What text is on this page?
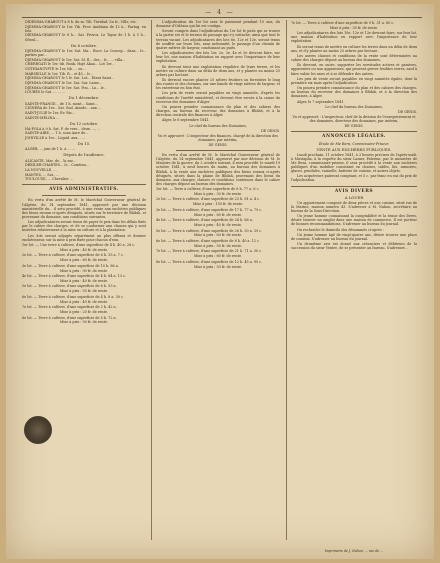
— 4 —

DIDEMMA-GHABOUT à 8 h. du m. Tib. Tiwidad, Sa Ir., Ville, etc.

DJEMMA-GHABOUT le 1er. Tib. Prov. Ambtana de 12 à... Partag. en lots.

DIEMMA-GHABOUT le 8 h... Sat. Provoz. Le Tayor de 1 h. à 5 h... Sfroul...

Du 6 octobre.

DJEMMA-GHABOUT le 1er, Sat. Ma... Ruce. La Concep... dans... Ir... parties par...

DJEMMA-GHABOUT le 1er, Sat. M. fl... des... Ir... ... villa...

CHERRGATI le 1er, tib. Rouk. Hajé Akaa... Lot 1er...

GOTHIANGYPTE le 1er, tib. ... ou...

MARSEILLE le 1er. Tib. R... et 45... Ir...

DJEMMA-GHABOUT le 1 fr. Sat. Lot... Etant Saint...

DJEMMA-GHABOUT le 1er. Sat. Sur. Laine...

DJEMMA-GHABOUT le 1er. Sat. Pou... Lu... Ir...

LOUBÈS le Sat. ... ... ...

Du 1 décembre.

SAINTE-FRANGE... de 1 h. mont... Saint...

CIGNERA de 1er... Sat. Sud. Aizade... aux ...

SAINT-JULIE le 1er. Ev. Ris...

SAINTE-MÉLINA ...

Du 12 octobre.

HA-POLA à 9 h. Sat. P. de vers... deux. ..., ...

SAINTE-AIRE, ... 1 h. sous Aure de...

JOINVILLE à 1er... Liquid. aux... ...

Du 15.

ALGER, ... juin de 1 h. à ... ...

Dépots de l'audience.

ALICANTE, Mar. de... la sur...

DREILER-CHARTES... Ir... Comtinu...

LA NOUVELLE, ...

MANTES, ... Sat., ...

TOULOUSE, ... Chevalier ...

AVIS ADMINISTRATIFS.

En vertu d'un arrêté de M. le Maréchal Gouverneur général de l'Algérie, du 14 septembre 1841, approuvé par une décision ministérielle du... il sera procédé, à une vente aux enchères publiques des biens ruraux ci-après désignés, situés sur le territoire de Blidah, et provenant du domaine, aux conditions suivantes.

Les adjudicataires seront tenus de payer le prix dans les délais fixés par le cahier des charges, et de se conformer aux clauses qui y sont insérées relativement à la mise en culture et à la plantation.

Les lots seront adjugés séparément au plus offrant et dernier enchérisseur, sur la mise à prix fixée pour chacun d'eux.

1er lot. — Une terre à cultiver, d'une superficie de 4 h. 40 a. 28 c.

Mise à prix : 40 fr. de rente.

2e lot. — Terre à cultiver, d'une superficie de 6 h. 35 a. 7 c.

Mise à prix : 60 fr. de rente.

3e lot. — Terre à cultiver, d'une superficie de 10 h. 86 a.

Mise à prix : 90 fr. de rente.

4e lot. — Terre à cultiver, d'une superficie de 4 h. 84 a. 13 c.

Mise à prix : 40 fr. de rente.

5e lot. — Terre à cultiver, d'une superficie de 6 h. 53 a.

Mise à prix : 55 fr. de rente.

6e lot. — Terre à cultiver, d'une superficie de 4 h. 8 a. 30 c.

Mise à prix : 40 fr. de rente.

7e lot. — Terre à cultiver, d'une superficie de 2 h. 42 a.

Mise à prix : 20 fr. de rente.

8e lot. — Terre à cultiver, d'une superficie de 5 h. 72 a.

Mise à prix : 50 fr. de rente.

L'adjudication du 1er lot sera le paiement pendant 10 ans, du domaine d'Orléans qui lui est contigu.

Seront compris dans l'adjudication du 1er lot le puits qui se trouve à la partie est et le terrain de passage qui s'y rattache, ainsi que tout le terrain vacant. Les adjudicataires des lots 8e, 12e et 13e, seront tenus de souffrir sur leurs lots, sans indemnité, le passage d'un chemin de quatre mètres de largeur, conduisant au puits.

Les adjudicataires des lots 1er, 2e, 3e, 4e et 5e devront faire, sur leur lot, une maison d'habitation en rapport avec l'importance de leur exploitation.

Ils devront tenir une exploitation régulière de leurs terres, et les mettre en culture dans un délai de deux ans, et y planter au moins 25 arbres par hectare.

Ils devront encore planter 25 arbres fruitiers ou forestiers le long des routes et des chemins, sur une bande de vingt mètres de largeur, et les entretenir en bon état.

Les prix de vente seront payables en vingt annuités, d'après les conditions de l'arrêté ministériel, et devront être versés à la caisse du receveur des domaines d'Alger.

On pourra prendre connaissance du plan et des cahiers des charges, au bureau du receveur des domaines à Blidah, et à la direction centrale des finances à Alger.

Alger, le 6 septembre 1841.

Le chef du bureau des Domaines,
DE GENIS.
Vu et approuvé : L'inspecteur des finances, chargé de la direction des domaines, par intérim,
DE GENIS.

En vertu d'un arrêté de M. le Maréchal Gouverneur général de l'Algérie, du 14 septembre 1841, approuvé par une décision de M. le Ministre de la guerre, du 2 octobre suivant, il sera procédé, le mardi 19 octobre 1841, à neuf heures du matin, au bureau des domaines à Blidah, à la vente aux enchères publiques des biens ruraux ci-après désignés, situés dans la plaine de Blidah, provenant des biens du domaine, aux charges, clauses et conditions contenues dans le cahier des charges déposé au bureau des domaines.

1er lot. — Terre à cultiver, d'une superficie de 6 h. 77 a. 6 c.

Mise à prix : 30 fr. de rente.

2e lot. — Terre à cultiver, d'une superficie de 23 h. 81 a. 4 c.

Mise à prix : 150 fr. de rente.

3e lot. — Terre à cultiver, d'une superficie de 17 h. 77 a. 79 c.

Mise à prix : 80 fr. de rente.

4e lot. — Terre à cultiver, d'une superficie de 24 h. 66 a.

Mise à prix : 40 fr. de rente.

5e lot. — Terre à cultiver, d'une superficie de 26 h. 30 a. 39 c.

Mise à prix : 60 fr. de rente.

6e lot. — Terre à cultiver, d'une superficie de 8 h. 40 a. 12 c.

Mise à prix : 50 fr. de rente.

7e lot. — Terre à cultiver, d'une superficie de 21 h. 71 a. 30 c.

Mise à prix : 60 fr. de rente.

8e lot. — Terre à cultiver, d'une superficie de 12 h. 45 a. 95 c.

Mise à prix : 50 fr. de rente.

7e lot. — Terre à cultiver d'une superficie de 9 h. 31 a. 80 c.
Mise à prix : 30 fr. de rente.

Les adjudicataires des lots 10e, 12e et 13e devront faire, sur leur lot, une maison d'habitation en rapport avec l'importance de leur exploitation.

Ils seront tenus de mettre en culture les terres dans un délai de deux ans, et d'y planter au moins 25 arbres par hectare.

Les autres clauses et conditions de la vente sont déterminées au cahier des charges déposé au bureau des domaines.

Ils devront, en outre, supporter les servitudes actives et passives, apparentes ou non apparentes, qui peuvent grever lesdites terres, sauf à faire valoir les unes et à se défendre des autres.

Les prix de vente seront payables en vingt annuités égales, dont la première six mois après l'adjudication.

On pourra prendre connaissance du plan et des cahiers des charges, au bureau du receveur des domaines à Blidah, et à la direction des domaines, à Alger.

Alger, le 7 septembre 1841.

Le chef du bureau des Domaines,
DE GENIS.
Vu et approuvé : L'inspecteur, chef de la division de l'enregistrement et des domaines, directeur des domaines, par intérim,
DE GENIS.
ANNONCES LÉGALES.
Étude de Me Bera, Commissaire-Priseur.
VENTE AUX ENCHÈRES PUBLIQUES.

Lundi prochain, 11 octobre 1841, à 3 heures précises de l'après-midi, à Mustapha, à la requête du sieur Lamer, Palerme, par le ministère de Me Bera, commissaire-priseur, il sera procédé à la vente aux enchères publiques d'un mobilier consistant en chaises, tables, lits, armoires, glaces, pendules, vaisselle, batterie de cuisine, et autres objets.

Les acquéreurs paieront comptant, et 5 c. par franc en sus du prix de l'adjudication.

AVIS DIVERS
A LOUER

Un appartement composé de deux pièces et une cuisine, situé rue de la Marine, maison numéro 43. S'adresser à M. Nahon, secrétaire au bureau de la Sous-Direction.

Un jeune homme connaissant la comptabilité et la tenue des livres, désire trouver un emploi dans une maison de commerce. Il est porteur de bonnes recommandations. S'adresser au bureau du journal.

On recherche le domicile des dénommés ci-après :

Un jeune homme âgé de vingt-quatre ans, désire trouver une place de commis. S'adresser au bureau du journal.

Un deuxième avis est donné aux créanciers et débiteurs de la succession du sieur Ventre, de se présenter au bureau. S'adresser...

Imprimerie de J. Nahon, ... rue de ...
